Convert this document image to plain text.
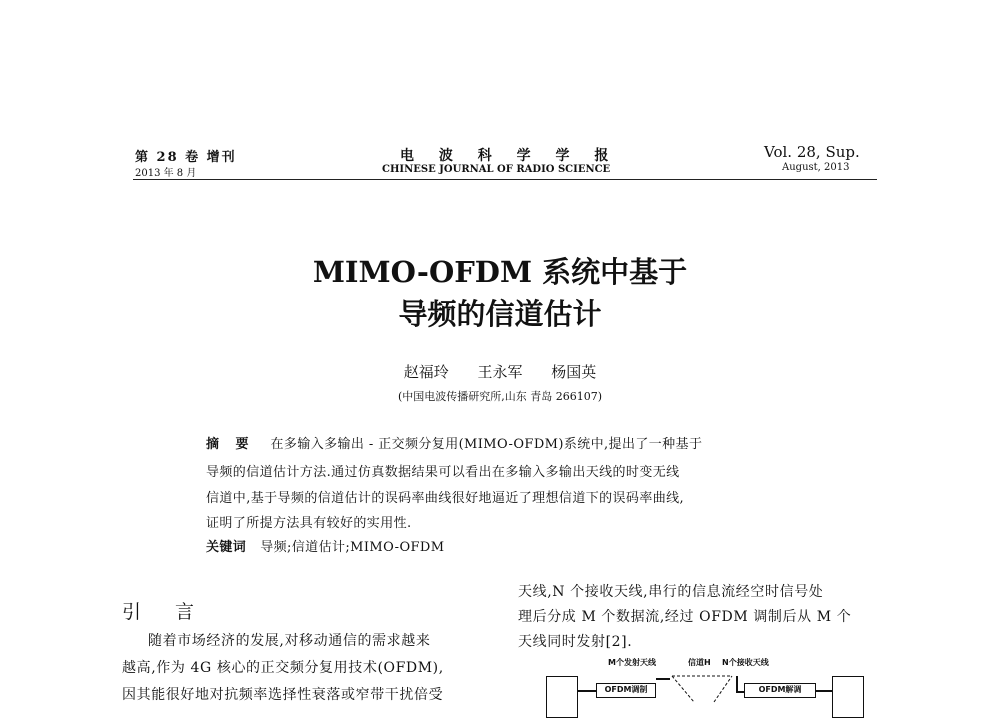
第 28 卷 增刊
2013 年 8 月
电 波 科 学 学 报
CHINESE JOURNAL OF RADIO SCIENCE
Vol. 28, Sup.
August, 2013
MIMO-OFDM 系统中基于
导频的信道估计
赵福玲 王永军 杨国英
(中国电波传播研究所,山东 青岛 266107)
摘 要 在多输入多输出 - 正交频分复用(MIMO-OFDM)系统中,提出了一种基于
导频的信道估计方法.通过仿真数据结果可以看出在多输入多输出天线的时变无线
信道中,基于导频的信道估计的误码率曲线很好地逼近了理想信道下的误码率曲线,
证明了所提方法具有较好的实用性.
关键词 导频;信道估计;MIMO-OFDM
引 言
随着市场经济的发展,对移动通信的需求越来
越高,作为 4G 核心的正交频分复用技术(OFDM),
因其能很好地对抗频率选择性衰落或窄带干扰倍受
天线,N 个接收天线,串行的信息流经空时信号处
理后分成 M 个数据流,经过 OFDM 调制后从 M 个
天线同时发射[2].
M个发射天线	信道H N个接收天线
OFDM调制	OFDM解调
